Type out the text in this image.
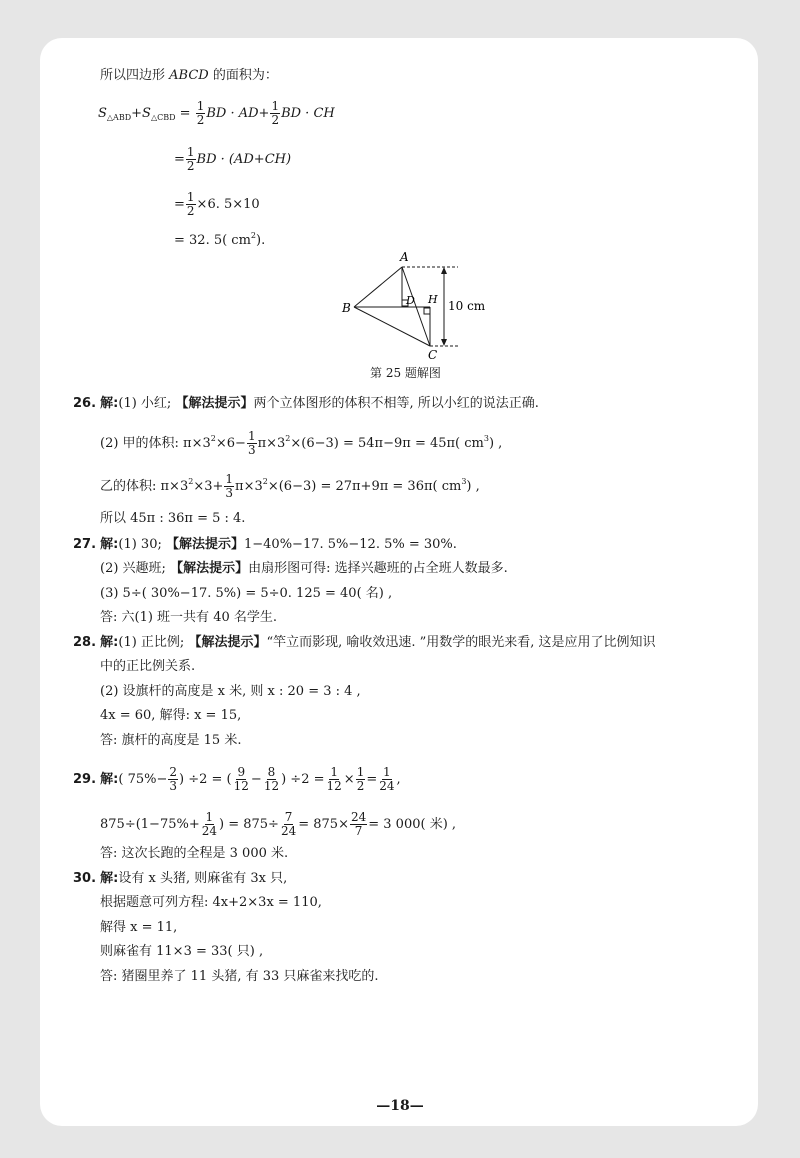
所以四边形 ABCD 的面积为：
$S_{\triangle ABD}+S_{\triangle CBD} = \frac{1}{2}$ BD · $AD+ \frac{1}{2}$ BD · CH
= $\frac{1}{2}$ BD · (AD+CH)
= $\frac{1}{2} \times 6$. 5×10
= 32. 5( $cm^2$).
A
B
C
D H 10 cm
第 25 题解图
26. 解:(1) 小红; 【解法提示】两个立体图形的体积不相等, 所以小红的说法正确.
(2) 甲的体积: $\pi\times 3^2\times 6- \frac{1}{3} \pi\times 3^2\times(6-3) = 54\pi-9\pi = 45\pi$( $cm^3$) ,
乙的体积: $\pi\times 3^2\times 3+ \frac{1}{3} \pi\times 3^2\times(6-3) = 27\pi+9\pi = 36\pi$( $cm^3$) ,
所以 45π : 36π = 5 : 4.
27. 解:(1) 30; 【解法提示】1−40%−17. 5%−12. 5% = 30%.
(2) 兴趣班; 【解法提示】由扇形图可得: 选择兴趣班的占全班人数最多.
(3) 5÷( 30%−17. 5%) = 5÷0. 125 = 40( 名) ,
答: 六(1) 班一共有 40 名学生.
28. 解:(1) 正比例; 【解法提示】“竿立而影现, 喻收效迅速. ”用数学的眼光来看, 这是应用了比例知识
中的正比例关系.
(2) 设旗杆的高度是 x 米, 则 x : 20 = 3 : 4 ,
4x = 60, 解得: x = 15,
答: 旗杆的高度是 15 米.
29. 解:( $75\%- \frac{2}{3}$ ) ÷2 = ( $\frac{9}{12} - \frac{8}{12}$ ) $\div 2 = \frac{1}{12} \times \frac{1}{2} = \frac{1}{24}$ ,
$875\div(1-75\%+ \frac{1}{24}$ ) = $875\div \frac{7}{24} = 875\times \frac{24}{7} = 3$ 000( 米) ,
答: 这次长跑的全程是 3 000 米.
30. 解:设有 x 头猪, 则麻雀有 3x 只,
根据题意可列方程: 4x+2×3x = 110,
解得 x = 11,
则麻雀有 11×3 = 33( 只) ,
答: 猪圈里养了 11 头猪, 有 33 只麻雀来找吃的.
—18—
